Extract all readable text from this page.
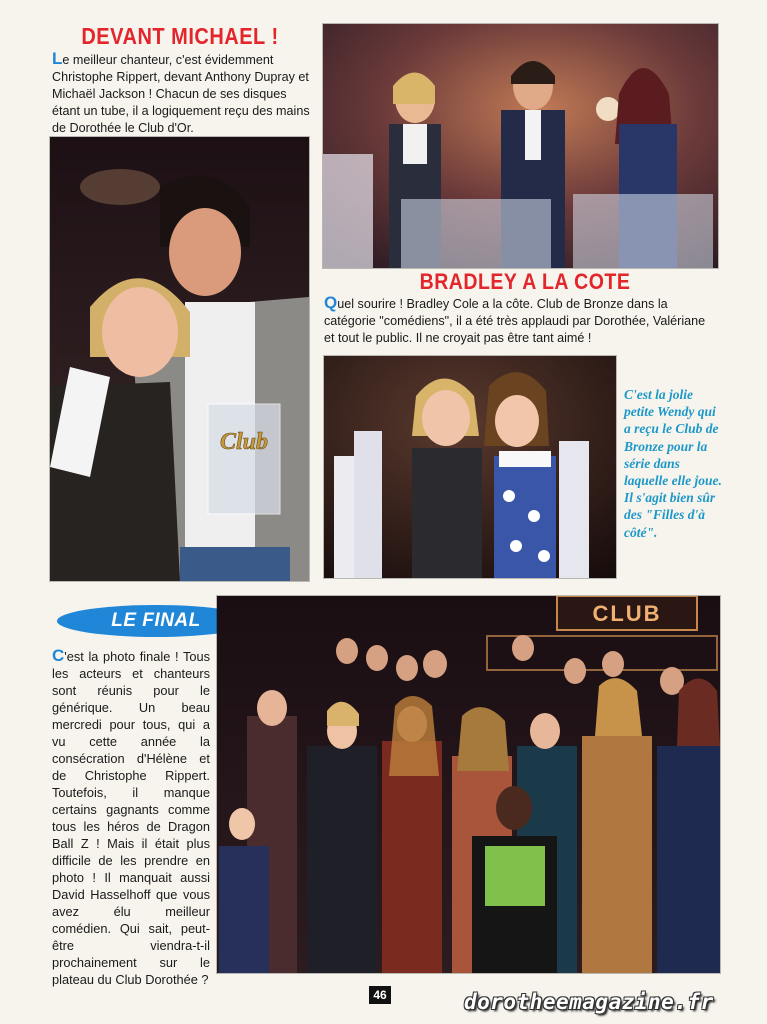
DEVANT MICHAEL !
Le meilleur chanteur, c'est évidemment Christophe Rippert, devant Anthony Dupray et Michaël Jackson ! Chacun de ses disques étant un tube, il a logiquement reçu des mains de Dorothée le Club d'Or.
Club
BRADLEY A LA COTE
Quel sourire ! Bradley Cole a la côte. Club de Bronze dans la catégorie "comédiens", il a été très applaudi par Dorothée, Valériane et tout le public. Il ne croyait pas être tant aimé !
C'est la jolie petite Wendy qui a reçu le Club de Bronze pour la série dans laquelle elle joue. Il s'agit bien sûr des "Filles d'à côté".
LE FINAL
C'est la photo finale ! Tous les acteurs et chanteurs sont réunis pour le générique. Un beau mercredi pour tous, qui a vu cette année la consécration d'Hélène et de Christophe Rippert. Toutefois, il manque certains gagnants comme tous les héros de Dragon Ball Z ! Mais il était plus difficile de les prendre en photo ! Il manquait aussi David Hasselhoff que vous avez élu meilleur comédien. Qui sait, peut-être viendra-t-il prochainement sur le plateau du Club Dorothée ?
CLUB
46	dorotheemagazine.fr
